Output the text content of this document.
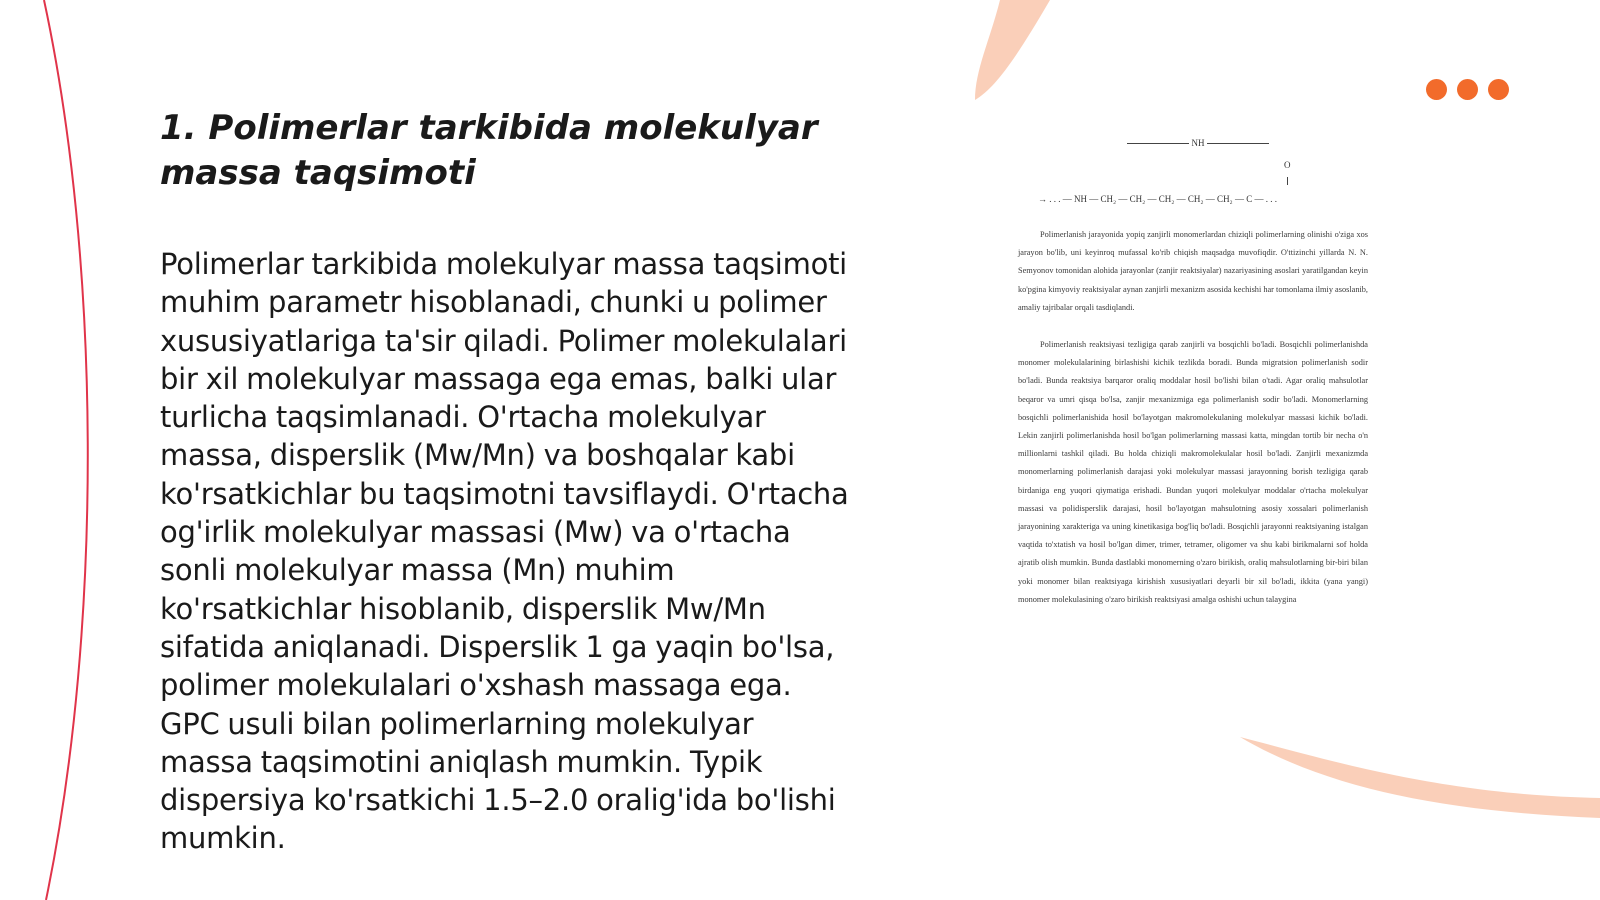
1. Polimerlar tarkibida molekulyar massa taqsimoti

Polimerlar tarkibida molekulyar massa taqsimoti muhim parametr hisoblanadi, chunki u polimer xususiyatlariga ta'sir qiladi. Polimer molekulalari bir xil molekulyar massaga ega emas, balki ular turlicha taqsimlanadi. O'rtacha molekulyar massa, disperslik (Mw/Mn) va boshqalar kabi ko'rsatkichlar bu taqsimotni tavsiflaydi. O'rtacha og'irlik molekulyar massasi (Mw) va o'rtacha sonli molekulyar massa (Mn) muhim ko'rsatkichlar hisoblanib, disperslik Mw/Mn sifatida aniqlanadi. Disperslik 1 ga yaqin bo'lsa, polimer molekulalari o'xshash massaga ega. GPC usuli bilan polimerlarning molekulyar massa taqsimotini aniqlash mumkin. Typik dispersiya ko'rsatkichi 1.5–2.0 oralig'ida bo'lishi mumkin.

NH
O
→ . . . — NH — CH₂ — CH₂ — CH₂ — CH₂ — CH₂ — C — . . .

Polimerlanish jarayonida yopiq zanjirli monomerlardan chiziqli polimerlarning olinishi o'ziga xos jarayon bo'lib, uni keyinroq mufassal ko'rib chiqish maqsadga muvofiqdir. O'ttizinchi yillarda N. N. Semyonov tomonidan alohida jarayonlar (zanjir reaktsiyalar) nazariyasining asoslari yaratilgandan keyin ko'pgina kimyoviy reaktsiyalar aynan zanjirli mexanizm asosida kechishi har tomonlama ilmiy asoslanib, amaliy tajribalar orqali tasdiqlandi.

Polimerlanish reaktsiyasi tezligiga qarab zanjirli va bosqichli bo'ladi. Bosqichli polimerlanishda monomer molekulalarining birlashishi kichik tezlikda boradi. Bunda migratsion polimerlanish sodir bo'ladi. Bunda reaktsiya barqaror oraliq moddalar hosil bo'lishi bilan o'tadi. Agar oraliq mahsulotlar beqaror va umri qisqa bo'lsa, zanjir mexanizmiga ega polimerlanish sodir bo'ladi. Monomerlarning bosqichli polimerlanishida hosil bo'layotgan makromolekulaning molekulyar massasi kichik bo'ladi. Lekin zanjirli polimerlanishda hosil bo'lgan polimerlarning massasi katta, mingdan tortib bir necha o'n millionlarni tashkil qiladi. Bu holda chiziqli makromolekulalar hosil bo'ladi. Zanjirli mexanizmda monomerlarning polimerlanish darajasi yoki molekulyar massasi jarayonning borish tezligiga qarab birdaniga eng yuqori qiymatiga erishadi. Bundan yuqori molekulyar moddalar o'rtacha molekulyar massasi va polidisperslik darajasi, hosil bo'layotgan mahsulotning asosiy xossalari polimerlanish jarayonining xarakteriga va uning kinetikasiga bog'liq bo'ladi. Bosqichli jarayonni reaktsiyaning istalgan vaqtida to'xtatish va hosil bo'lgan dimer, trimer, tetramer, oligomer va shu kabi birikmalarni sof holda ajratib olish mumkin. Bunda dastlabki monomerning o'zaro birikish, oraliq mahsulotlarning bir-biri bilan yoki monomer bilan reaktsiyaga kirishish xususiyatlari deyarli bir xil bo'ladi, ikkita (yana yangi) monomer molekulasining o'zaro birikish reaktsiyasi amalga oshishi uchun talaygina
